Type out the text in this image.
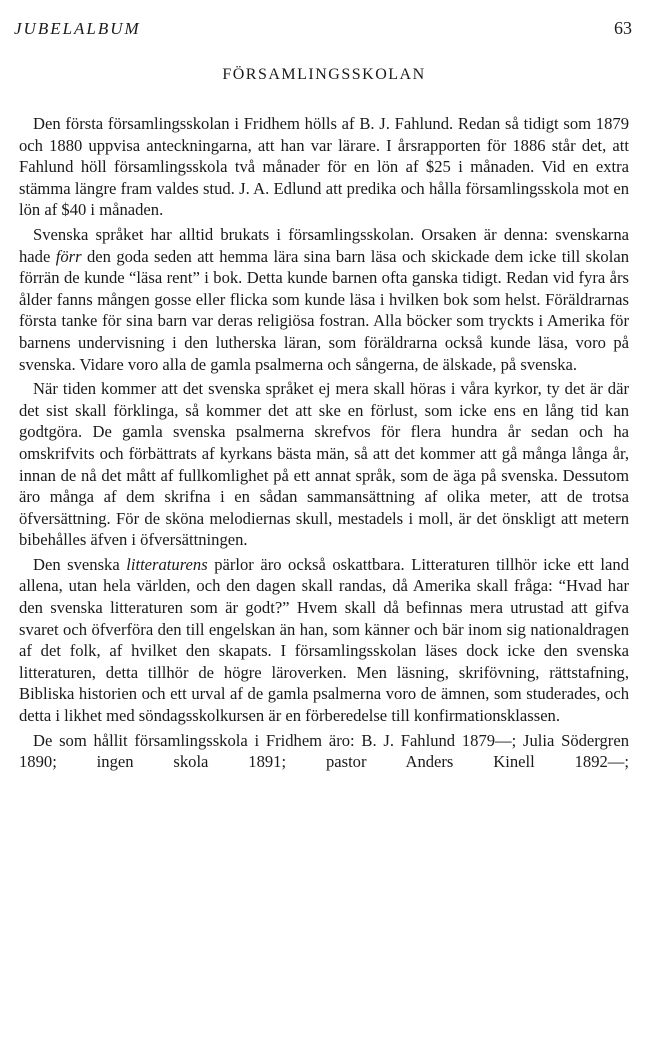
JUBELALBUM	63
FÖRSAMLINGSSKOLAN

Den första församlingsskolan i Fridhem hölls af B. J. Fahlund. Redan så tidigt som 1879 och 1880 uppvisa anteckningarna, att han var lärare. I årsrapporten för 1886 står det, att Fahlund höll församlingsskola två månader för en lön af $25 i månaden. Vid en extra stämma längre fram valdes stud. J. A. Edlund att predika och hålla församlingsskola mot en lön af $40 i månaden.

Svenska språket har alltid brukats i församlingsskolan. Orsaken är denna: svenskarna hade förr den goda seden att hemma lära sina barn läsa och skickade dem icke till skolan förrän de kunde “läsa rent” i bok. Detta kunde barnen ofta ganska tidigt. Redan vid fyra års ålder fanns mången gosse eller flicka som kunde läsa i hvilken bok som helst. Föräldrarnas första tanke för sina barn var deras religiösa fostran. Alla böcker som tryckts i Amerika för barnens undervisning i den lutherska läran, som föräldrarna också kunde läsa, voro på svenska. Vidare voro alla de gamla psalmerna och sångerna, de älskade, på svenska.

När tiden kommer att det svenska språket ej mera skall höras i våra kyrkor, ty det är där det sist skall förklinga, så kommer det att ske en förlust, som icke ens en lång tid kan godtgöra. De gamla svenska psalmerna skrefvos för flera hundra år sedan och ha omskrifvits och förbättrats af kyrkans bästa män, så att det kommer att gå många långa år, innan de nå det mått af fullkomlighet på ett annat språk, som de äga på svenska. Dessutom äro många af dem skrifna i en sådan sammansättning af olika meter, att de trotsa öfversättning. För de sköna melodiernas skull, mestadels i moll, är det önskligt att metern bibehålles äfven i öfversättningen.

Den svenska litteraturens pärlor äro också oskattbara. Litteraturen tillhör icke ett land allena, utan hela världen, och den dagen skall randas, då Amerika skall fråga: “Hvad har den svenska litteraturen som är godt?” Hvem skall då befinnas mera utrustad att gifva svaret och öfverföra den till engelskan än han, som känner och bär inom sig nationaldragen af det folk, af hvilket den skapats. I församlingsskolan läses dock icke den svenska litteraturen, detta tillhör de högre läroverken. Men läsning, skrifövning, rättstafning, Bibliska historien och ett urval af de gamla psalmerna voro de ämnen, som studerades, och detta i likhet med söndagsskolkursen är en förberedelse till konfirmationsklassen.

De som hållit församlingsskola i Fridhem äro: B. J. Fahlund 1879—; Julia Södergren 1890; ingen skola 1891; pastor Anders Kinell 1892—;
